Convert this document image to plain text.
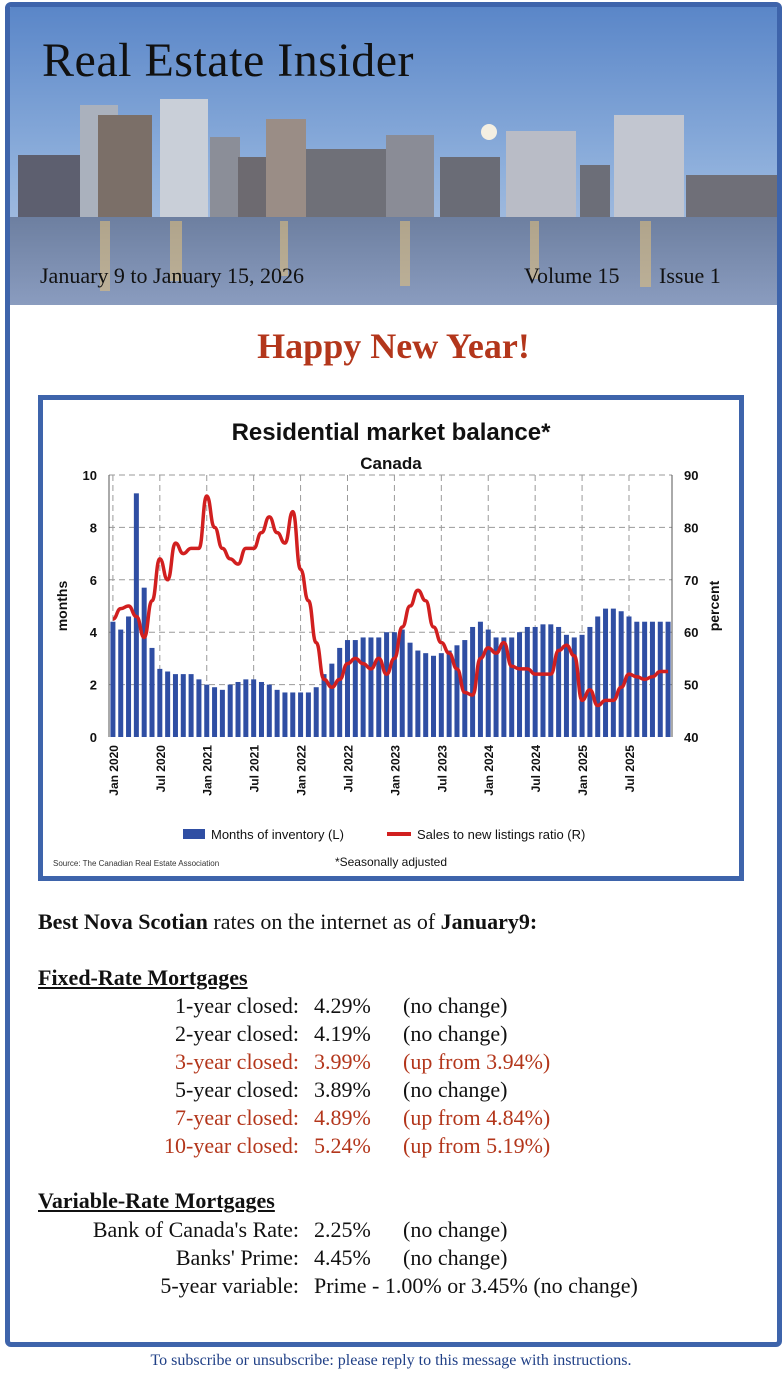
Real Estate Insider
January 9 to January 15, 2026	Volume 15 Issue 1
Happy New Year!
Residential market balance*
Canada
0
2
4
6
8
10
40
50
60
70
80
90
Jan 2020	Jul 2020	Jan 2021	Jul 2021	Jan 2022	Jul 2022	Jan 2023	Jul 2023	Jan 2024	Jul 2024	Jan 2025	Jul 2025
months	percent
Months of inventory (L)	Sales to new listings ratio (R)
Source: The Canadian Real Estate Association	*Seasonally adjusted
Best Nova Scotian rates on the internet as of January9:
Fixed-Rate Mortgages
1-year closed: 4.29% (no change)
2-year closed: 4.19% (no change)
3-year closed: 3.99% (up from 3.94%)
5-year closed: 3.89% (no change)
7-year closed: 4.89% (up from 4.84%)
10-year closed: 5.24% (up from 5.19%)
Variable-Rate Mortgages
Bank of Canada's Rate: 2.25% (no change)
Banks' Prime: 4.45% (no change)
5-year variable: Prime - 1.00% or 3.45% (no change)
To subscribe or unsubscribe: please reply to this message with instructions.
